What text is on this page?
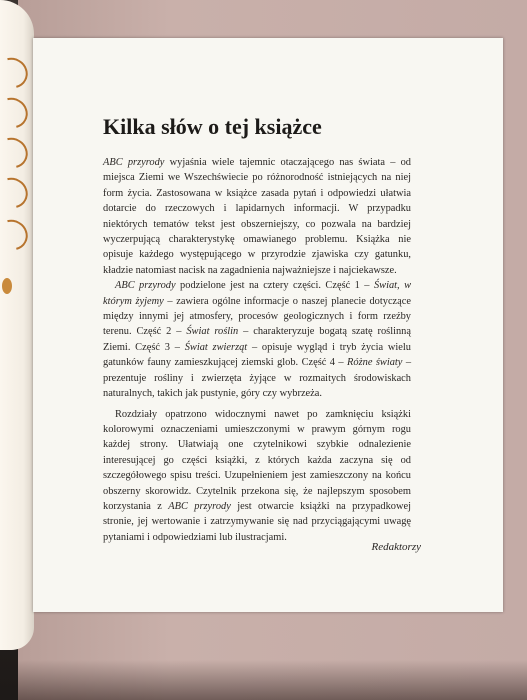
Kilka słów o tej książce

ABC przyrody wyjaśnia wiele tajemnic otaczającego nas świata – od miejsca Ziemi we Wszechświecie po różnorodność istniejących na niej form życia. Zastosowana w książce zasada pytań i odpowiedzi ułatwia dotarcie do rzeczowych i lapidarnych informacji. W przypadku niektórych tematów tekst jest obszerniejszy, co pozwala na bardziej wyczerpującą charakterystykę omawianego problemu. Książka nie opisuje każdego występującego w przyrodzie zjawiska czy gatunku, kładzie natomiast nacisk na zagadnienia najważniejsze i najciekawsze.

ABC przyrody podzielone jest na cztery części. Część 1 – Świat, w którym żyjemy – zawiera ogólne informacje o naszej planecie dotyczące między innymi jej atmosfery, procesów geologicznych i form rzeźby terenu. Część 2 – Świat roślin – charakteryzuje bogatą szatę roślinną Ziemi. Część 3 – Świat zwierząt – opisuje wygląd i tryb życia wielu gatunków fauny zamieszkującej ziemski glob. Część 4 – Różne światy – prezentuje rośliny i zwierzęta żyjące w rozmaitych środowiskach naturalnych, takich jak pustynie, góry czy wybrzeża.

Rozdziały opatrzono widocznymi nawet po zamknięciu książki kolorowymi oznaczeniami umieszczonymi w prawym górnym rogu każdej strony. Ułatwiają one czytelnikowi szybkie odnalezienie interesującej go części książki, z których każda zaczyna się od szczegółowego spisu treści. Uzupełnieniem jest zamieszczony na końcu obszerny skorowidz. Czytelnik przekona się, że najlepszym sposobem korzystania z ABC przyrody jest otwarcie książki na przypadkowej stronie, jej wertowanie i zatrzymywanie się nad przyciągającymi uwagę pytaniami i odpowiedziami lub ilustracjami.

Redaktorzy
